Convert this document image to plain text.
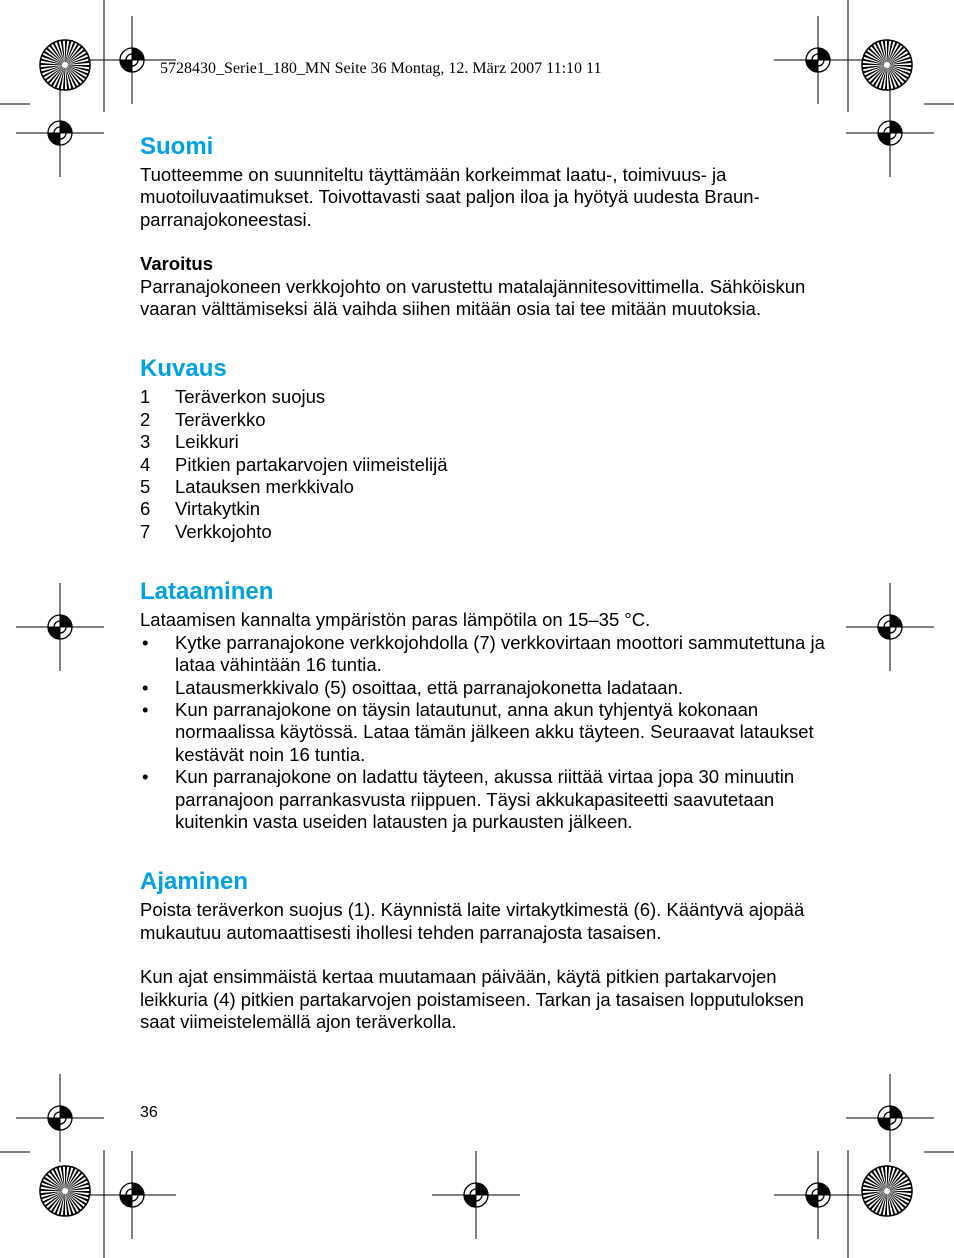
5728430_Serie1_180_MN Seite 36 Montag, 12. März 2007 11:10 11
Suomi

Tuotteemme on suunniteltu täyttämään korkeimmat laatu-, toimivuus- ja muotoiluvaatimukset. Toivottavasti saat paljon iloa ja hyötyä uudesta Braun-parranajokoneestasi.

Varoitus

Parranajokoneen verkkojohto on varustettu matalajännitesovittimella. Sähköiskun vaaran välttämiseksi älä vaihda siihen mitään osia tai tee mitään muutoksia.

Kuvaus
1	Teräverkon suojus
2	Teräverkko
3	Leikkuri
4	Pitkien partakarvojen viimeistelijä
5	Latauksen merkkivalo
6	Virtakytkin
7	Verkkojohto
Lataaminen

Lataamisen kannalta ympäristön paras lämpötila on 15–35 °C.

•	Kytke parranajokone verkkojohdolla (7) verkkovirtaan moottori sammutettuna ja lataa vähintään 16 tuntia.
•	Latausmerkkivalo (5) osoittaa, että parranajokonetta ladataan.
•	Kun parranajokone on täysin latautunut, anna akun tyhjentyä kokonaan normaalissa käytössä. Lataa tämän jälkeen akku täyteen. Seuraavat lataukset kestävät noin 16 tuntia.
•	Kun parranajokone on ladattu täyteen, akussa riittää virtaa jopa 30 minuutin parranajoon parrankasvusta riippuen. Täysi akkukapasiteetti saavutetaan kuitenkin vasta useiden latausten ja purkausten jälkeen.
Ajaminen

Poista teräverkon suojus (1). Käynnistä laite virtakytkimestä (6). Kääntyvä ajopää mukautuu automaattisesti ihollesi tehden parranajosta tasaisen.

Kun ajat ensimmäistä kertaa muutamaan päivään, käytä pitkien partakarvojen leikkuria (4) pitkien partakarvojen poistamiseen. Tarkan ja tasaisen lopputuloksen saat viimeistelemällä ajon teräverkolla.

36
